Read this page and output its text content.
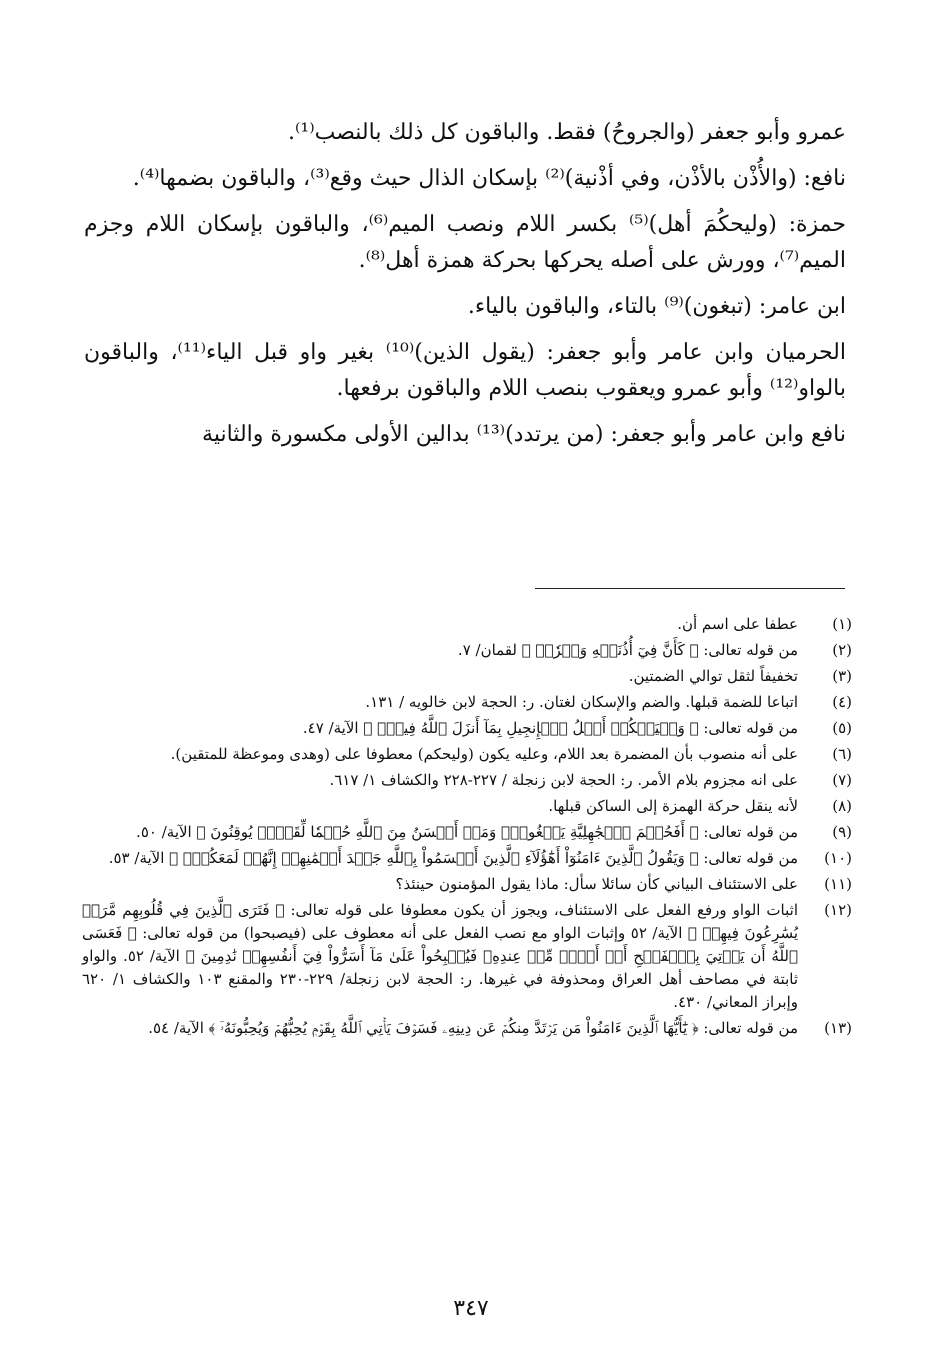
عمرو وأبو جعفر (والجروحُ) فقط. والباقون كل ذلك بالنصب⁽¹⁾.

نافع: (والأُذْن بالأذْن، وفي أذْنية)⁽²⁾ بإسكان الذال حيث وقع⁽³⁾، والباقون بضمها⁽⁴⁾.

حمزة: (وليحكُمَ أهل)⁽⁵⁾ بكسر اللام ونصب الميم⁽⁶⁾، والباقون بإسكان اللام وجزم الميم⁽⁷⁾، وورش على أصله يحركها بحركة همزة أهل⁽⁸⁾.

ابن عامر: (تبغون)⁽⁹⁾ بالتاء، والباقون بالياء.

الحرميان وابن عامر وأبو جعفر: (يقول الذين)⁽¹⁰⁾ بغير واو قبل الياء⁽¹¹⁾، والباقون بالواو⁽¹²⁾ وأبو عمرو ويعقوب بنصب اللام والباقون برفعها.

نافع وابن عامر وأبو جعفر: (من يرتدد)⁽¹³⁾ بدالين الأولى مكسورة والثانية

(١)
عطفا على اسم أن.
(٢)
من قوله تعالى: ﴿ كَأَنَّ فِيٓ أُذُنَيۡهِ وَقۡرٗاۖ ﴾ لقمان/ ٧.
(٣)
تخفيفاً لثقل توالي الضمتين.
(٤)
اتباعا للضمة قبلها. والضم والإسكان لغتان. ر: الحجة لابن خالويه / ١٣١.
(٥)
من قوله تعالى: ﴿ وَلۡيَحۡكُمۡ أَهۡلُ ٱلۡإِنجِيلِ بِمَآ أَنزَلَ ٱللَّهُ فِيهِۚ ﴾ الآية/ ٤٧.
(٦)
على أنه منصوب بأن المضمرة بعد اللام، وعليه يكون (وليحكم) معطوفا على (وهدى وموعظة للمتقين).
(٧)
على انه مجزوم بلام الأمر. ر: الحجة لابن زنجلة / ٢٢٧-٢٢٨ والكشاف ١/ ٦١٧.
(٨)
لأنه ينقل حركة الهمزة إلى الساكن قبلها.
(٩)
من قوله تعالى: ﴿ أَفَحُكۡمَ ٱلۡجَٰهِلِيَّةِ يَبۡغُونَۚ وَمَنۡ أَحۡسَنُ مِنَ ٱللَّهِ حُكۡمٗا لِّقَوۡمٖ يُوقِنُونَ ﴾ الآية/ ٥٠.
(١٠)
من قوله تعالى: ﴿ وَيَقُولُ ٱلَّذِينَ ءَامَنُوٓاْ أَهَٰٓؤُلَآءِ ٱلَّذِينَ أَقۡسَمُواْ بِٱللَّهِ جَهۡدَ أَيۡمَٰنِهِمۡ إِنَّهُمۡ لَمَعَكُمۡۚ ﴾ الآية/ ٥٣.
(١١)
على الاستئناف البياني كأن سائلا سأل: ماذا يقول المؤمنون حينئذ؟
(١٢)
اثبات الواو ورفع الفعل على الاستئناف، ويجوز أن يكون معطوفا على قوله تعالى: ﴿ فَتَرَى ٱلَّذِينَ فِي قُلُوبِهِم مَّرَضٞ يُسَٰرِعُونَ فِيهِمۡ ﴾ الآية/ ٥٢ وإثبات الواو مع نصب الفعل على أنه معطوف على (فيصبحوا) من قوله تعالى: ﴿ فَعَسَى ٱللَّهُ أَن يَأۡتِيَ بِٱلۡفَتۡحِ أَوۡ أَمۡرٖ مِّنۡ عِندِهِۦ فَيُصۡبِحُواْ عَلَىٰ مَآ أَسَرُّواْ فِيٓ أَنفُسِهِمۡ نَٰدِمِينَ ﴾ الآية/ ٥٢. والواو ثابتة في مصاحف أهل العراق ومحذوفة في غيرها. ر: الحجة لابن زنجلة/ ٢٢٩-٢٣٠ والمقنع ١٠٣ والكشاف ١/ ٦٢٠ وإبراز المعاني/ ٤٣٠.
(١٣)
من قوله تعالى: ﴿ يَٰٓأَيُّهَا ٱلَّذِينَ ءَامَنُواْ مَن يَرۡتَدَّ مِنكُمۡ عَن دِينِهِۦ فَسَوۡفَ يَأۡتِي ٱللَّهُ بِقَوۡمٖ يُحِبُّهُمۡ وَيُحِبُّونَهُۥٓ ﴾ الآية/ ٥٤.
٣٤٧
